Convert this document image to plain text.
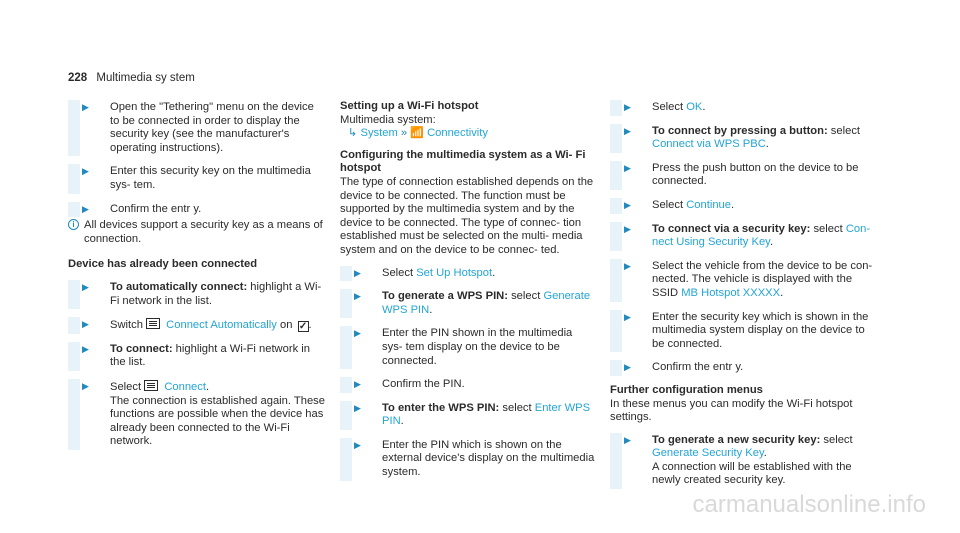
228 Multimedia sy stem
▶ Open the "Tethering" menu on the device to be connected in order to display the security key (see the manufacturer's operating instructions).
▶ Enter this security key on the multimedia sys- tem.
▶ Confirm the entr y.
i All devices support a security key as a means of connection.
Device has already been connected
▶ To automatically connect: highlight a Wi-Fi network in the list.
▶ Switch  Connect Automatically on ✓.
▶ To connect: highlight a Wi-Fi network in the list.
▶ Select  Connect.
The connection is established again. These functions are possible when the device has already been connected to the Wi-Fi network.
Setting up a Wi-Fi hotspot
Multimedia system:
↳ System » 📶 Connectivity
Configuring the multimedia system as a Wi- Fi hotspot
The type of connection established depends on the device to be connected. The function must be supported by the multimedia system and by the device to be connected. The type of connec- tion established must be selected on the multi- media system and on the device to be connec- ted.
▶ Select Set Up Hotspot.
▶ To generate a WPS PIN: select Generate WPS PIN.
▶ Enter the PIN shown in the multimedia sys- tem display on the device to be connected.
▶ Confirm the PIN.
▶ To enter the WPS PIN: select Enter WPS PIN.
▶ Enter the PIN which is shown on the external device's display on the multimedia system.
▶ Select OK.
▶ To connect by pressing a button: select Connect via WPS PBC.
▶ Press the push button on the device to be connected.
▶ Select Continue.
▶ To connect via a security key: select Con- nect Using Security Key.
▶ Select the vehicle from the device to be con- nected. The vehicle is displayed with the SSID MB Hotspot XXXXX.
▶ Enter the security key which is shown in the multimedia system display on the device to be connected.
▶ Confirm the entr y.
Further configuration menus
In these menus you can modify the Wi-Fi hotspot settings.
▶ To generate a new security key: select Generate Security Key.
A connection will be established with the newly created security key.
carmanualsonline.info
